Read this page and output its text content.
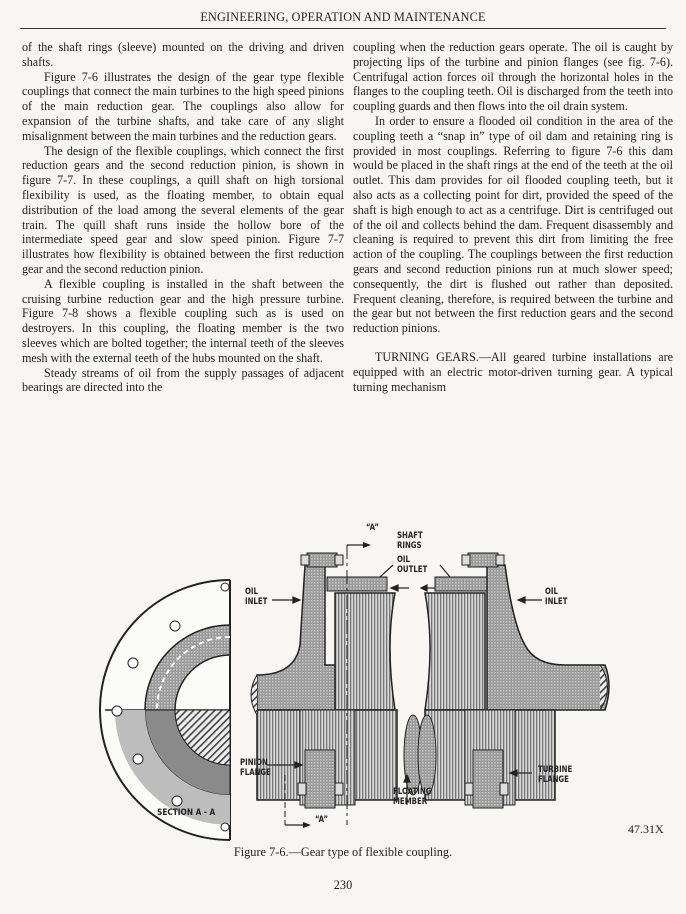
ENGINEERING, OPERATION AND MAINTENANCE

of the shaft rings (sleeve) mounted on the driving and driven shafts.

Figure 7-6 illustrates the design of the gear type flexible couplings that connect the main turbines to the high speed pinions of the main reduction gear. The couplings also allow for expansion of the turbine shafts, and take care of any slight misalignment between the main turbines and the reduction gears.

The design of the flexible couplings, which connect the first reduction gears and the second reduction pinion, is shown in figure 7-7. In these couplings, a quill shaft on high torsional flexibility is used, as the floating member, to obtain equal distribution of the load among the several elements of the gear train. The quill shaft runs inside the hollow bore of the intermediate speed gear and slow speed pinion. Figure 7-7 illustrates how flexibility is obtained between the first reduction gear and the second reduction pinion.

A flexible coupling is installed in the shaft between the cruising turbine reduction gear and the high pressure turbine. Figure 7-8 shows a flexible coupling such as is used on destroyers. In this coupling, the floating member is the two sleeves which are bolted together; the internal teeth of the sleeves mesh with the external teeth of the hubs mounted on the shaft.

Steady streams of oil from the supply passages of adjacent bearings are directed into the

coupling when the reduction gears operate. The oil is caught by projecting lips of the turbine and pinion flanges (see fig. 7-6). Centrifugal action forces oil through the horizontal holes in the flanges to the coupling teeth. Oil is discharged from the teeth into coupling guards and then flows into the oil drain system.

In order to ensure a flooded oil condition in the area of the coupling teeth a “snap in” type of oil dam and retaining ring is provided in most couplings. Referring to figure 7-6 this dam would be placed in the shaft rings at the end of the teeth at the oil outlet. This dam provides for oil flooded coupling teeth, but it also acts as a collecting point for dirt, provided the speed of the shaft is high enough to act as a centrifuge. Dirt is centrifuged out of the oil and collects behind the dam. Frequent disassembly and cleaning is required to prevent this dirt from limiting the free action of the coupling. The couplings between the first reduction gears and second reduction pinions run at much slower speed; consequently, the dirt is flushed out rather than deposited. Frequent cleaning, therefore, is required between the turbine and the gear but not between the first reduction gears and the second reduction pinions.

TURNING GEARS.—All geared turbine installations are equipped with an electric motor-driven turning gear. A typical turning mechanism

“A”
SHAFT RINGS
OIL OUTLET
OIL INLET
OIL INLET
PINION FLANGE
“A”
FLOATING MEMBER
TURBINE FLANGE
SECTION A - A
47.31X
Figure 7-6.—Gear type of flexible coupling.
230
